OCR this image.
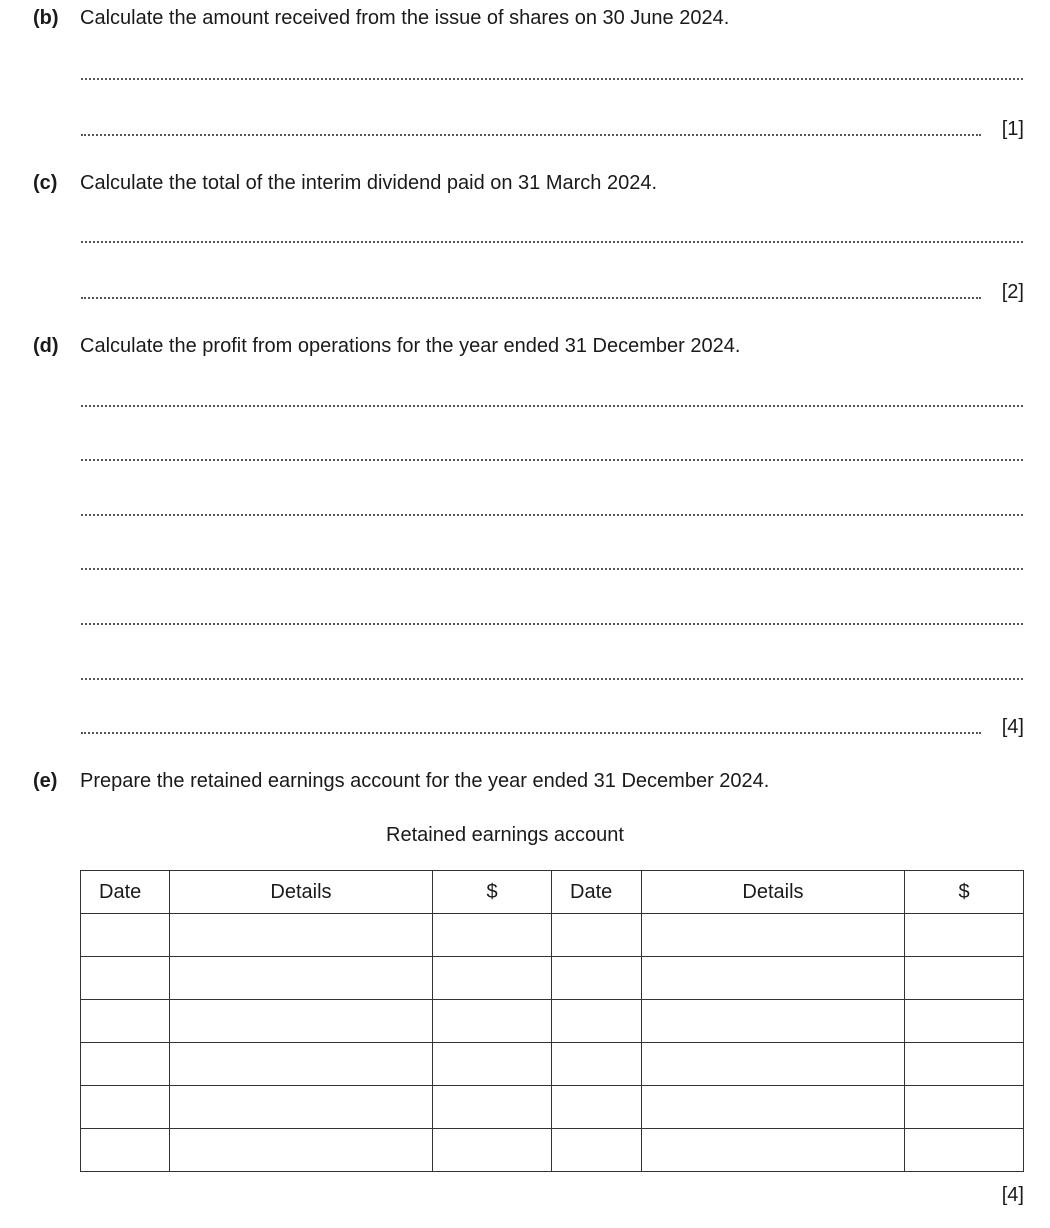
(b) Calculate the amount received from the issue of shares on 30 June 2024.
[1]
(c) Calculate the total of the interim dividend paid on 31 March 2024.
[2]
(d) Calculate the profit from operations for the year ended 31 December 2024.
[4]
(e) Prepare the retained earnings account for the year ended 31 December 2024.
Retained earnings account
Date	Details	$	Date	Details	$

[4]
